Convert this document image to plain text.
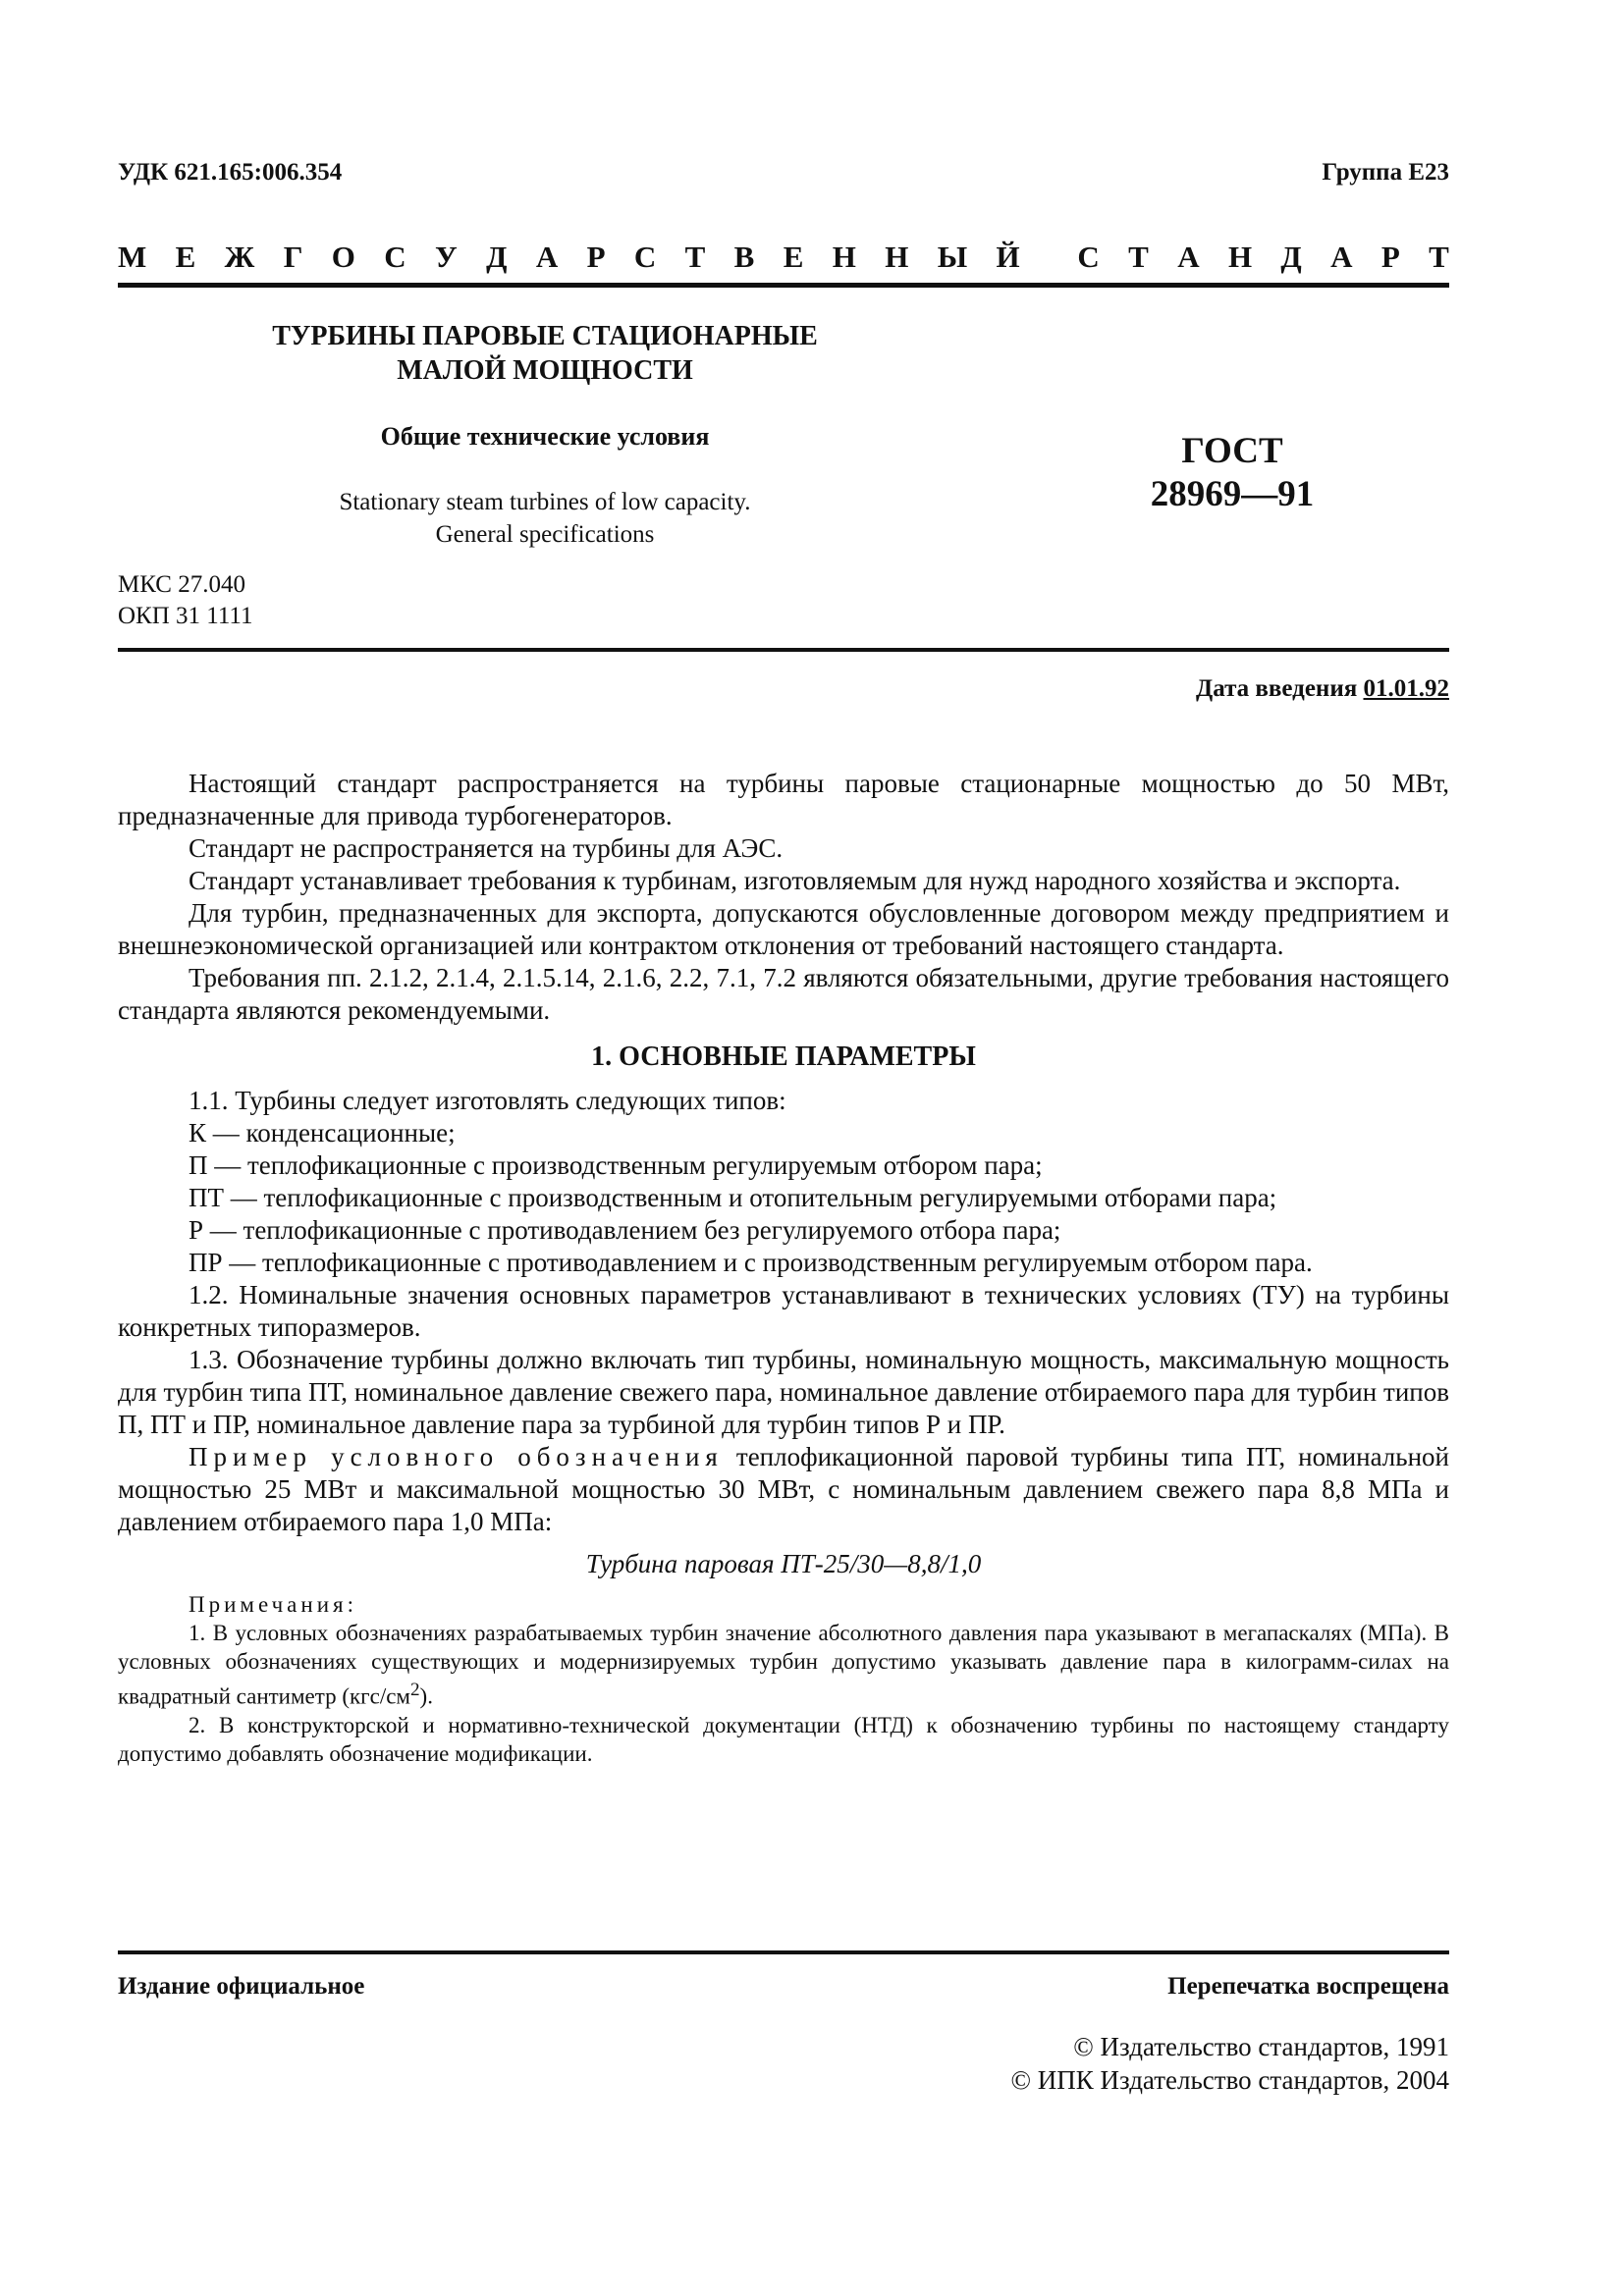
УДК 621.165:006.354	Группа Е23
М Е Ж Г О С У Д А Р С Т В Е Н Н Ы Й С Т А Н Д А Р Т
ТУРБИНЫ ПАРОВЫЕ СТАЦИОНАРНЫЕ
МАЛОЙ МОЩНОСТИ
Общие технические условия
Stationary steam turbines of low capacity.
General specifications
ГОСТ
28969—91
МКС 27.040
ОКП 31 1111
Дата введения 01.01.92

Настоящий стандарт распространяется на турбины паровые стационарные мощностью до 50 МВт, предназначенные для привода турбогенераторов.

Стандарт не распространяется на турбины для АЭС.

Стандарт устанавливает требования к турбинам, изготовляемым для нужд народного хозяйства и экспорта.

Для турбин, предназначенных для экспорта, допускаются обусловленные договором между предприятием и внешнеэкономической организацией или контрактом отклонения от требований настоящего стандарта.

Требования пп. 2.1.2, 2.1.4, 2.1.5.14, 2.1.6, 2.2, 7.1, 7.2 являются обязательными, другие требования настоящего стандарта являются рекомендуемыми.

1. ОСНОВНЫЕ ПАРАМЕТРЫ

1.1. Турбины следует изготовлять следующих типов:

К — конденсационные;

П — теплофикационные с производственным регулируемым отбором пара;

ПТ — теплофикационные с производственным и отопительным регулируемыми отборами пара;

Р — теплофикационные с противодавлением без регулируемого отбора пара;

ПР — теплофикационные с противодавлением и с производственным регулируемым отбором пара.

1.2. Номинальные значения основных параметров устанавливают в технических условиях (ТУ) на турбины конкретных типоразмеров.

1.3. Обозначение турбины должно включать тип турбины, номинальную мощность, максимальную мощность для турбин типа ПТ, номинальное давление свежего пара, номинальное давление отбираемого пара для турбин типов П, ПТ и ПР, номинальное давление пара за турбиной для турбин типов Р и ПР.

Пример условного обозначения теплофикационной паровой турбины типа ПТ, номинальной мощностью 25 МВт и максимальной мощностью 30 МВт, с номинальным давлением свежего пара 8,8 МПа и давлением отбираемого пара 1,0 МПа:

Турбина паровая ПТ-25/30—8,8/1,0

Примечания:

1. В условных обозначениях разрабатываемых турбин значение абсолютного давления пара указывают в мегапаскалях (МПа). В условных обозначениях существующих и модернизируемых турбин допустимо указывать давление пара в килограмм-силах на квадратный сантиметр $(кгс/см^2)$.

2. В конструкторской и нормативно-технической документации (НТД) к обозначению турбины по настоящему стандарту допустимо добавлять обозначение модификации.

Издание официальное	Перепечатка воспрещена
© Издательство стандартов, 1991
© ИПК Издательство стандартов, 2004
